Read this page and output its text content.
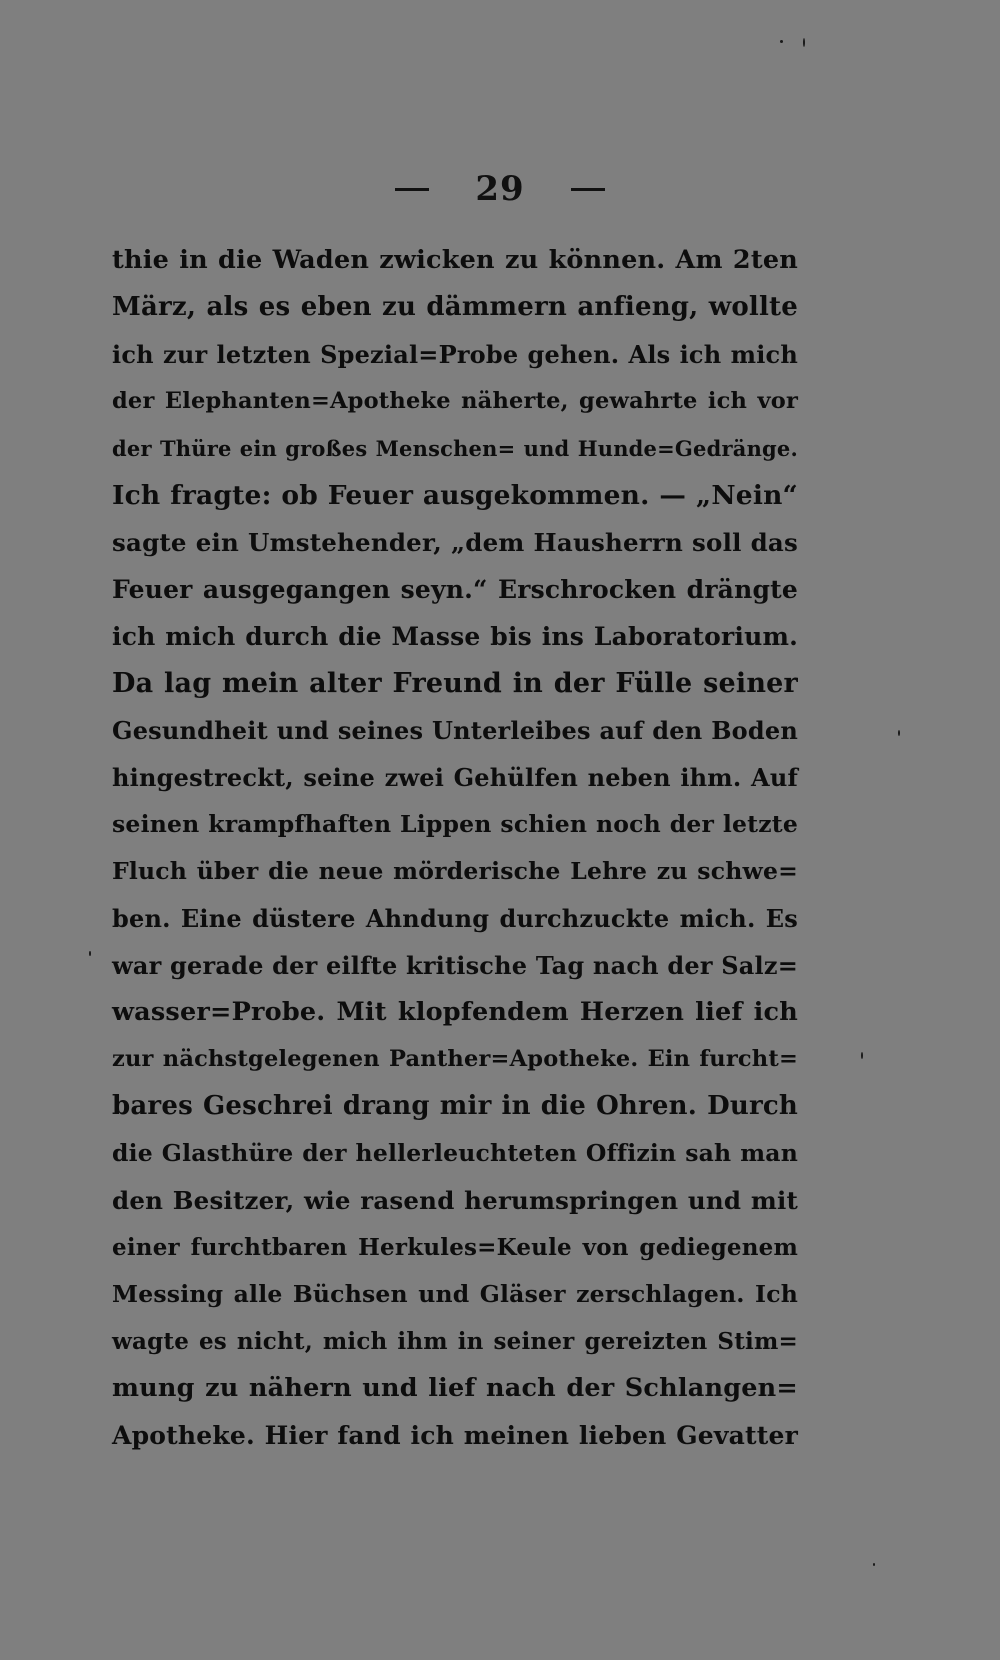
29
thie in die Waden zwicken zu können. Am 2ten
März, als es eben zu dämmern anfieng, wollte
ich zur letzten Spezial=Probe gehen. Als ich mich
der Elephanten=Apotheke näherte, gewahrte ich vor
der Thüre ein großes Menschen= und Hunde=Gedränge.
Ich fragte: ob Feuer ausgekommen. — „Nein“
sagte ein Umstehender, „dem Hausherrn soll das
Feuer ausgegangen seyn.“ Erschrocken drängte
ich mich durch die Masse bis ins Laboratorium.
Da lag mein alter Freund in der Fülle seiner
Gesundheit und seines Unterleibes auf den Boden
hingestreckt, seine zwei Gehülfen neben ihm. Auf
seinen krampfhaften Lippen schien noch der letzte
Fluch über die neue mörderische Lehre zu schwe=
ben. Eine düstere Ahndung durchzuckte mich. Es
war gerade der eilfte kritische Tag nach der Salz=
wasser=Probe. Mit klopfendem Herzen lief ich
zur nächstgelegenen Panther=Apotheke. Ein furcht=
bares Geschrei drang mir in die Ohren. Durch
die Glasthüre der hellerleuchteten Offizin sah man
den Besitzer, wie rasend herumspringen und mit
einer furchtbaren Herkules=Keule von gediegenem
Messing alle Büchsen und Gläser zerschlagen. Ich
wagte es nicht, mich ihm in seiner gereizten Stim=
mung zu nähern und lief nach der Schlangen=
Apotheke. Hier fand ich meinen lieben Gevatter
